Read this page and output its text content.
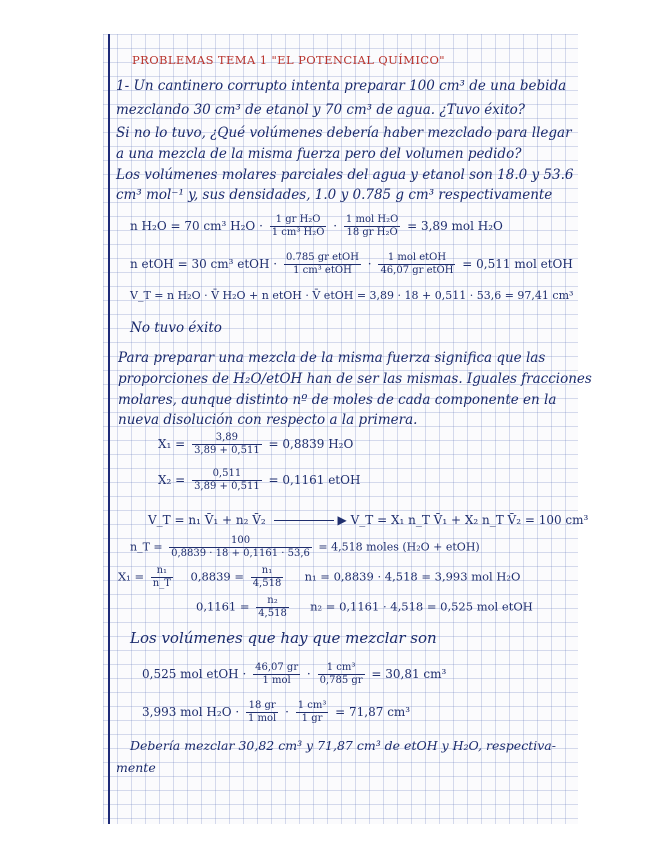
PROBLEMAS TEMA 1 "EL POTENCIAL QUÍMICO"
1- Un cantinero corrupto intenta preparar 100 cm³ de una bebida
mezclando 30 cm³ de etanol y 70 cm³ de agua. ¿Tuvo éxito?
Si no lo tuvo, ¿Qué volúmenes debería haber mezclado para llegar
a una mezcla de la misma fuerza pero del volumen pedido?
Los volúmenes molares parciales del agua y etanol son 18.0 y 53.6
cm³ mol⁻¹ y, sus densidades, 1.0 y 0.785 g cm³ respectivamente
n H₂O = 70 cm³ $H_2O \cdot \frac{\text{1 gr H₂O}}{\text{1 cm³ H₂O}} \cdot \frac{\text{1 mol H₂O}}{\text{18 gr H₂O}} = 3,89$ mol H₂O
n etOH = 30 cm³ etOH · $\frac{\text{0.785 gr etOH}}{\text{1 cm³ etOH}} \cdot \frac{\text{1 mol etOH}}{\text{46,07 gr etOH}} = 0,511$ mol etOH
V_T = n H₂O · V̄ H₂O + n etOH · V̄ etOH = 3,89 · 18 + 0,511 · 53,6 = 97,41 cm³
No tuvo éxito
Para preparar una mezcla de la misma fuerza significa que las
proporciones de H₂O/etOH han de ser las mismas. Iguales fracciones
molares, aunque distinto nº de moles de cada componente en la
nueva disolución con respecto a la primera.
$X_1 = \frac{3,89}{3,89 + 0,511} = 0,8839$ H₂O
$X_2 = \frac{0,511}{3,89 + 0,511} = 0,1161$ etOH
V_T = n₁ V̄₁ + n₂ V̄₂	▶ V_T = X₁ n_T V̄₁ + X₂ n_T V̄₂ = 100 cm³
n_T = $\frac{100}{0,8839 \cdot 18 + 0,1161 \cdot 53,6} = 4,518$ moles (H₂O + etOH)
$X_1 = \frac{\text{n₁}}{n\_T} 0,8839 = \frac{\text{n₁}}{4,518} n_1 = 0,8839 \cdot 4,518 = 3,993$ mol H₂O
$0,1161 = \frac{\text{n₂}}{4,518} n_2 = 0,1161 \cdot 4,518 = 0,525$ mol etOH
Los volúmenes que hay que mezclar son
0,525 mol etOH · $\frac{46,07 gr}{\text{1 mol}} \cdot \frac{\text{1 cm³}}{0,785 gr} = 30,81$ cm³
3,993 mol $H_2O \cdot \frac{18 gr}{\text{1 mol}} \cdot \frac{\text{1 cm³}}{1 gr} = 71,87$ cm³
Debería mezclar 30,82 cm³ y 71,87 cm³ de etOH y H₂O, respectiva-
mente
